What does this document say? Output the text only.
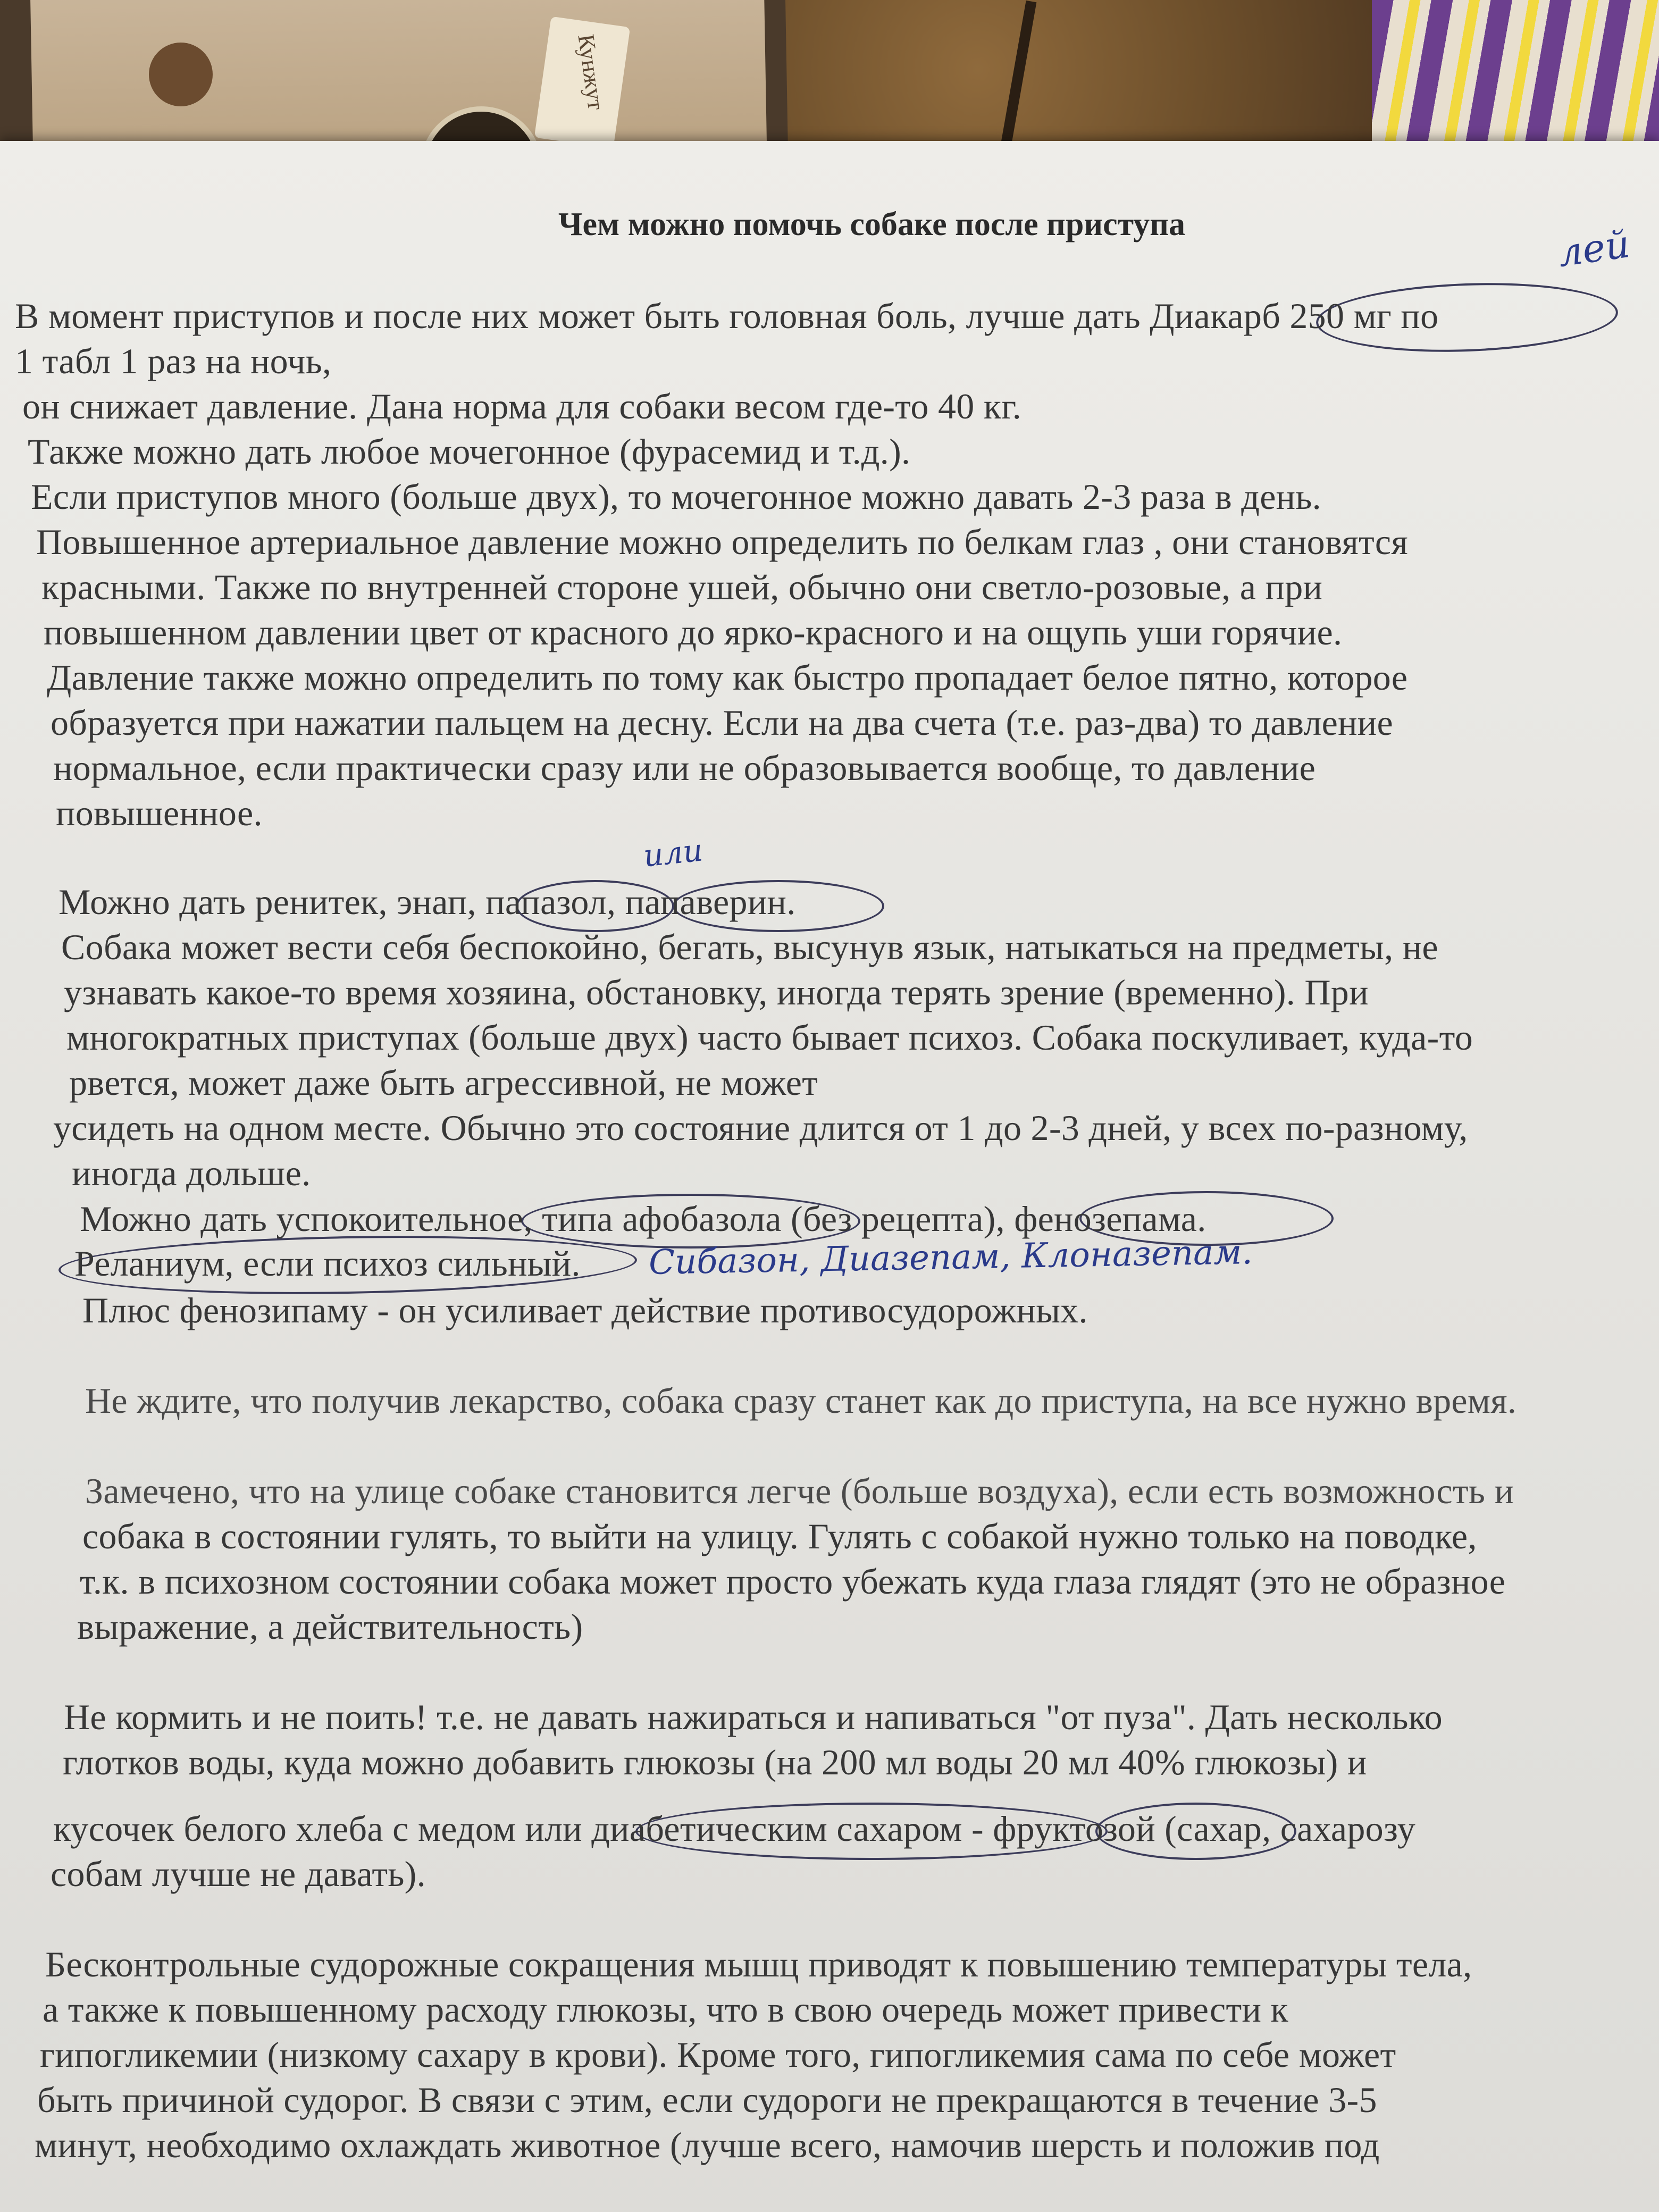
Кунжут
Чем можно помочь собаке после приступа	лей
или
Сибазон, Диазепам, Клоназепам.
В момент приступов и после них может быть головная боль, лучше дать Диакарб 250 мг по
1 табл 1 раз на ночь,
он снижает давление. Дана норма для собаки весом где-то 40 кг.
Также можно дать любое мочегонное (фурасемид и т.д.).
Если приступов много (больше двух), то мочегонное можно давать 2-3 раза в день.
Повышенное артериальное давление можно определить по белкам глаз , они становятся
красными. Также по внутренней стороне ушей, обычно они светло-розовые, а при
повышенном давлении цвет от красного до ярко-красного и на ощупь уши горячие.
Давление также можно определить по тому как быстро пропадает белое пятно, которое
образуется при нажатии пальцем на десну. Если на два счета (т.е. раз-два) то давление
нормальное, если практически сразу или не образовывается вообще, то давление
повышенное.
Можно дать ренитек, энап, папазол, папаверин.
Собака может вести себя беспокойно, бегать, высунув язык, натыкаться на предметы, не
узнавать какое-то время хозяина, обстановку, иногда терять зрение (временно). При
многократных приступах (больше двух) часто бывает психоз. Собака поскуливает, куда-то
рвется, может даже быть агрессивной, не может
усидеть на одном месте. Обычно это состояние длится от 1 до 2-3 дней, у всех по-разному,
иногда дольше.
Можно дать успокоительное, типа афобазола (без рецепта), фенозепама.
Реланиум, если психоз сильный.
Плюс фенозипаму - он усиливает действие противосудорожных.
Не ждите, что получив лекарство, собака сразу станет как до приступа, на все нужно время.
Замечено, что на улице собаке становится легче (больше воздуха), если есть возможность и
собака в состоянии гулять, то выйти на улицу. Гулять с собакой нужно только на поводке,
т.к. в психозном состоянии собака может просто убежать куда глаза глядят (это не образное
выражение, а действительность)
Не кормить и не поить! т.е. не давать нажираться и напиваться "от пуза". Дать несколько
глотков воды, куда можно добавить глюкозы (на 200 мл воды 20 мл 40% глюкозы) и
кусочек белого хлеба с медом или диабетическим сахаром - фруктозой (сахар, сахарозу
собам лучше не давать).
Бесконтрольные судорожные сокращения мышц приводят к повышению температуры тела,
а также к повышенному расходу глюкозы, что в свою очередь может привести к
гипогликемии (низкому сахару в крови). Кроме того, гипогликемия сама по себе может
быть причиной судорог. В связи с этим, если судороги не прекращаются в течение 3-5
минут, необходимо охлаждать животное (лучше всего, намочив шерсть и положив под
